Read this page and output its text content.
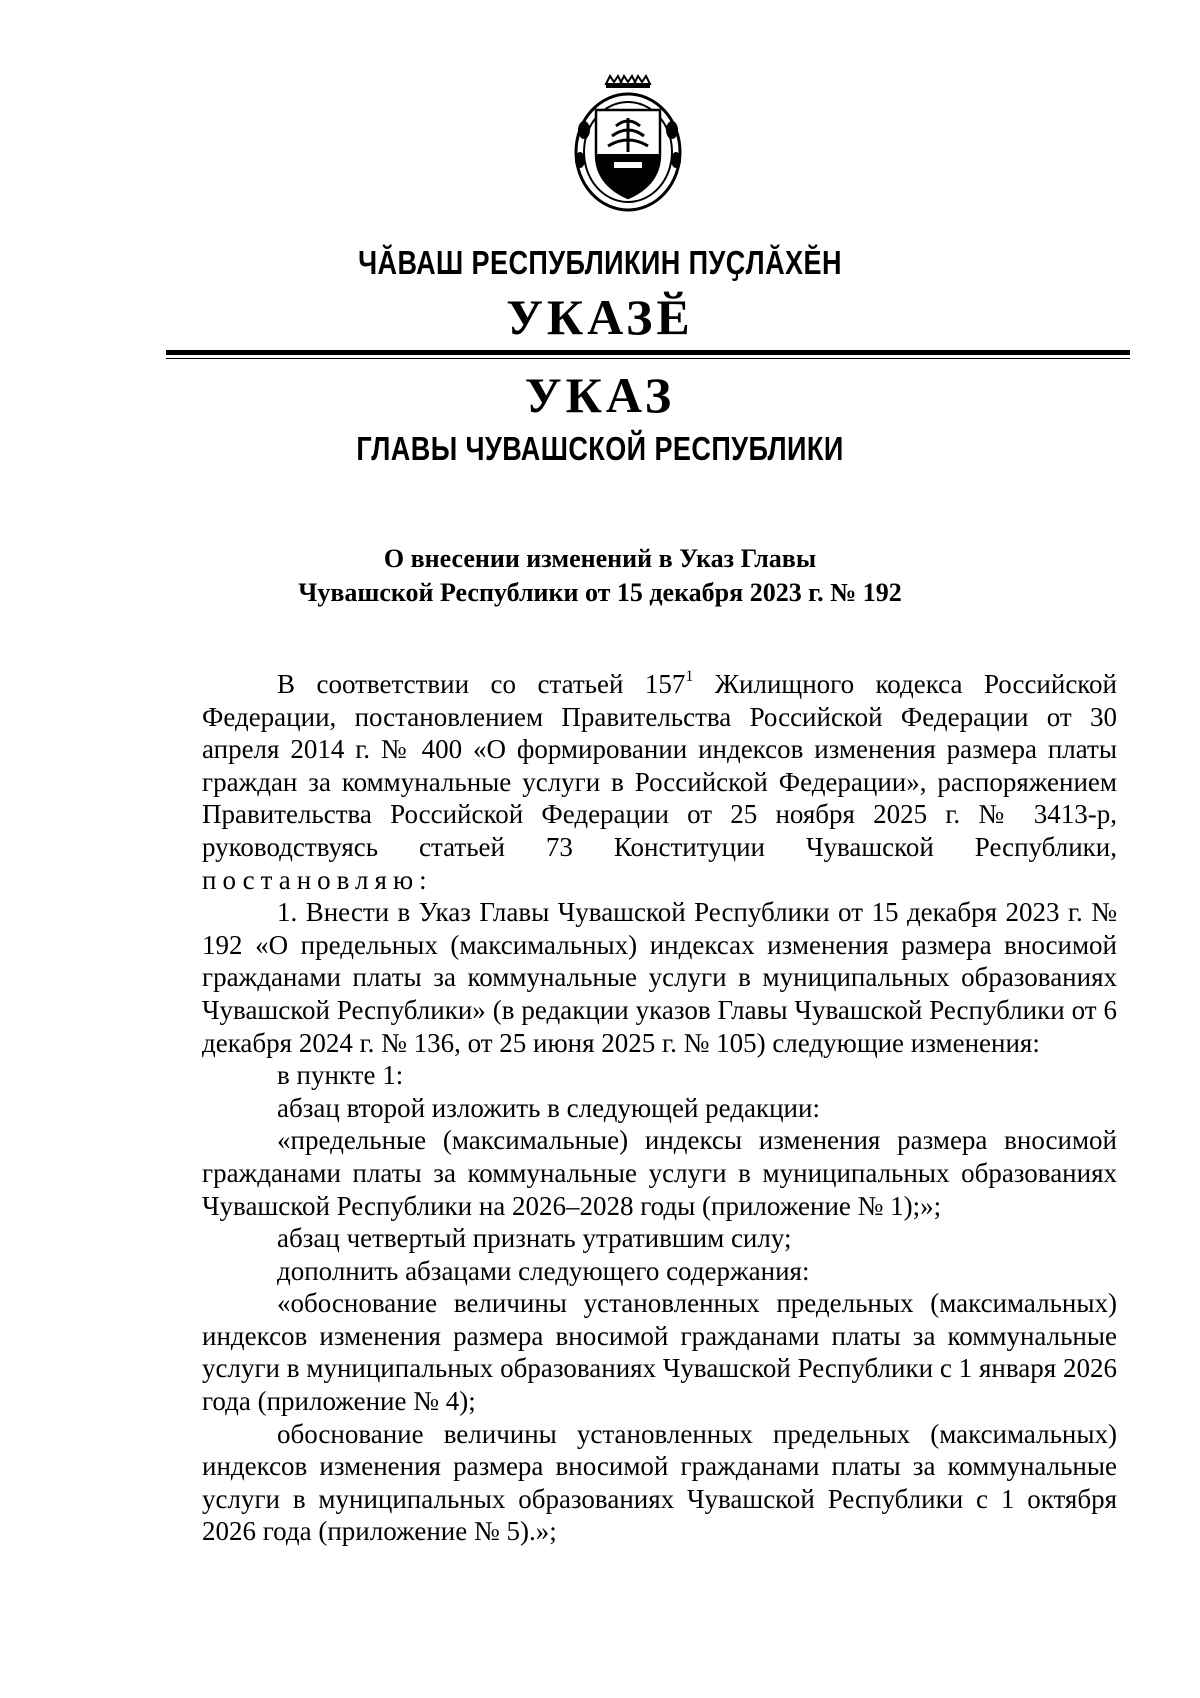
ЧӐВАШ РЕСПУБЛИКИН ПУҪЛӐХӖН
УКАЗӖ
УКАЗ
ГЛАВЫ ЧУВАШСКОЙ РЕСПУБЛИКИ
О внесении изменений в Указ Главы
Чувашской Республики от 15 декабря 2023 г. № 192

В соответствии со статьей $157^1$ Жилищного кодекса Российской Федерации, постановлением Правительства Российской Федерации от 30 апреля 2014 г. № 400 «О формировании индексов изменения размера платы граждан за коммунальные услуги в Российской Федерации», распоряжением Правительства Российской Федерации от 25 ноября 2025 г. № 3413-р, руководствуясь статьей 73 Конституции Чувашской Республики, постановляю:

1. Внести в Указ Главы Чувашской Республики от 15 декабря 2023 г. № 192 «О предельных (максимальных) индексах изменения размера вносимой гражданами платы за коммунальные услуги в муниципальных образованиях Чувашской Республики» (в редакции указов Главы Чувашской Республики от 6 декабря 2024 г. № 136, от 25 июня 2025 г. № 105) следующие изменения:

в пункте 1:

абзац второй изложить в следующей редакции:

«предельные (максимальные) индексы изменения размера вносимой гражданами платы за коммунальные услуги в муниципальных образованиях Чувашской Республики на 2026–2028 годы (приложение № 1);»;

абзац четвертый признать утратившим силу;

дополнить абзацами следующего содержания:

«обоснование величины установленных предельных (максимальных) индексов изменения размера вносимой гражданами платы за коммунальные услуги в муниципальных образованиях Чувашской Республики с 1 января 2026 года (приложение № 4);

обоснование величины установленных предельных (максимальных) индексов изменения размера вносимой гражданами платы за коммунальные услуги в муниципальных образованиях Чувашской Республики с 1 октября 2026 года (приложение № 5).»;
